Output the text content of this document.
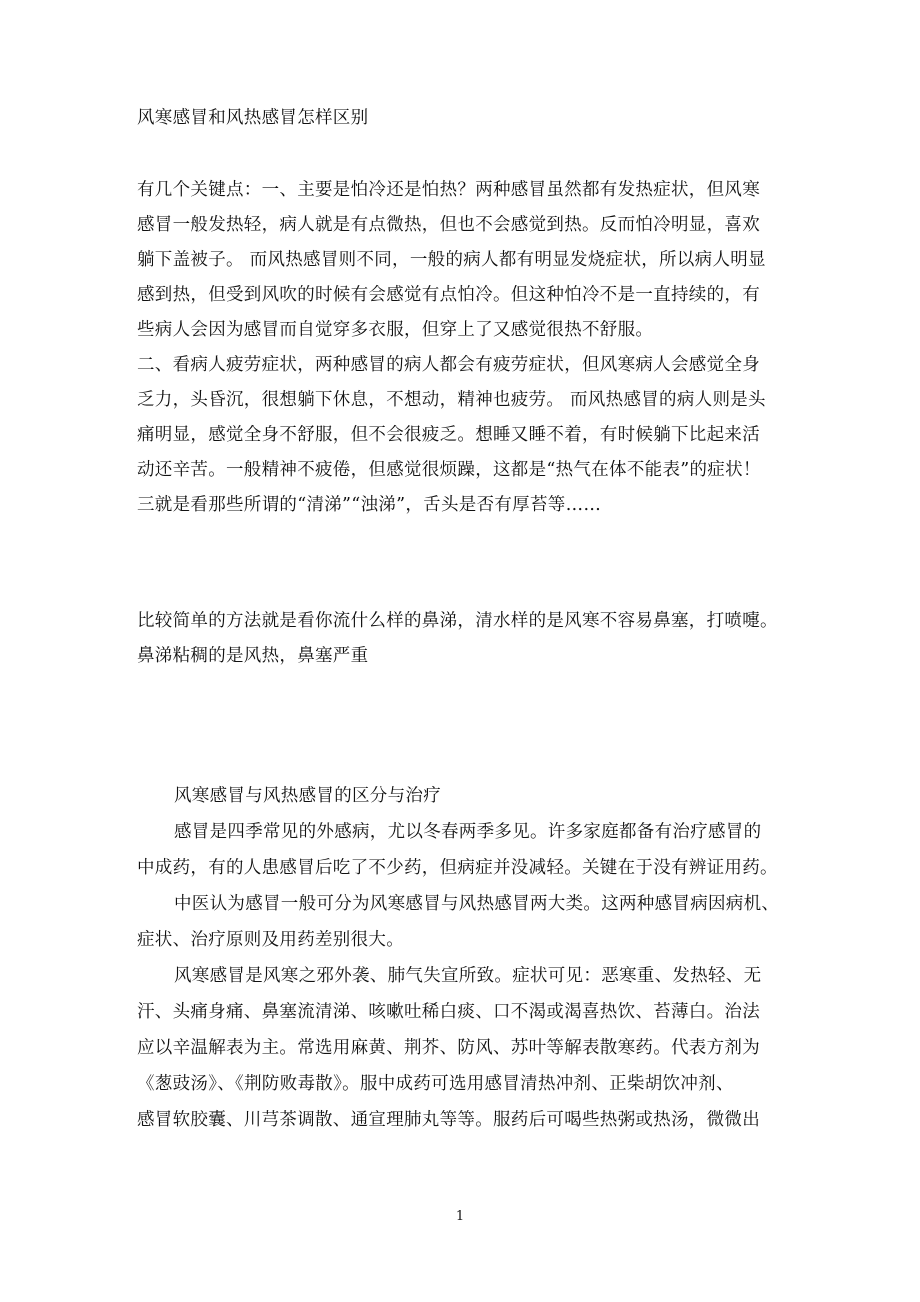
风寒感冒和风热感冒怎样区别
有几个关键点：一、主要是怕冷还是怕热？两种感冒虽然都有发热症状，但风寒
感冒一般发热轻，病人就是有点微热，但也不会感觉到热。反而怕冷明显，喜欢
躺下盖被子。 而风热感冒则不同，一般的病人都有明显发烧症状，所以病人明显
感到热，但受到风吹的时候有会感觉有点怕冷。但这种怕冷不是一直持续的，有
些病人会因为感冒而自觉穿多衣服，但穿上了又感觉很热不舒服。
二、看病人疲劳症状，两种感冒的病人都会有疲劳症状，但风寒病人会感觉全身
乏力，头昏沉，很想躺下休息，不想动，精神也疲劳。 而风热感冒的病人则是头
痛明显，感觉全身不舒服，但不会很疲乏。想睡又睡不着，有时候躺下比起来活
动还辛苦。一般精神不疲倦，但感觉很烦躁，这都是“热气在体不能表”的症状！
三就是看那些所谓的“清涕”“浊涕”，舌头是否有厚苔等……
比较简单的方法就是看你流什么样的鼻涕，清水样的是风寒不容易鼻塞，打喷嚏。
鼻涕粘稠的是风热，鼻塞严重
风寒感冒与风热感冒的区分与治疗
感冒是四季常见的外感病，尤以冬春两季多见。许多家庭都备有治疗感冒的
中成药，有的人患感冒后吃了不少药，但病症并没减轻。关键在于没有辨证用药。
中医认为感冒一般可分为风寒感冒与风热感冒两大类。这两种感冒病因病机、
症状、治疗原则及用药差别很大。
风寒感冒是风寒之邪外袭、肺气失宣所致。症状可见：恶寒重、发热轻、无
汗、头痛身痛、鼻塞流清涕、咳嗽吐稀白痰、口不渴或渴喜热饮、苔薄白。治法
应以辛温解表为主。常选用麻黄、荆芥、防风、苏叶等解表散寒药。代表方剂为
《葱豉汤》、《荆防败毒散》。服中成药可选用感冒清热冲剂、正柴胡饮冲剂、
感冒软胶囊、川芎茶调散、通宣理肺丸等等。服药后可喝些热粥或热汤，微微出
1
